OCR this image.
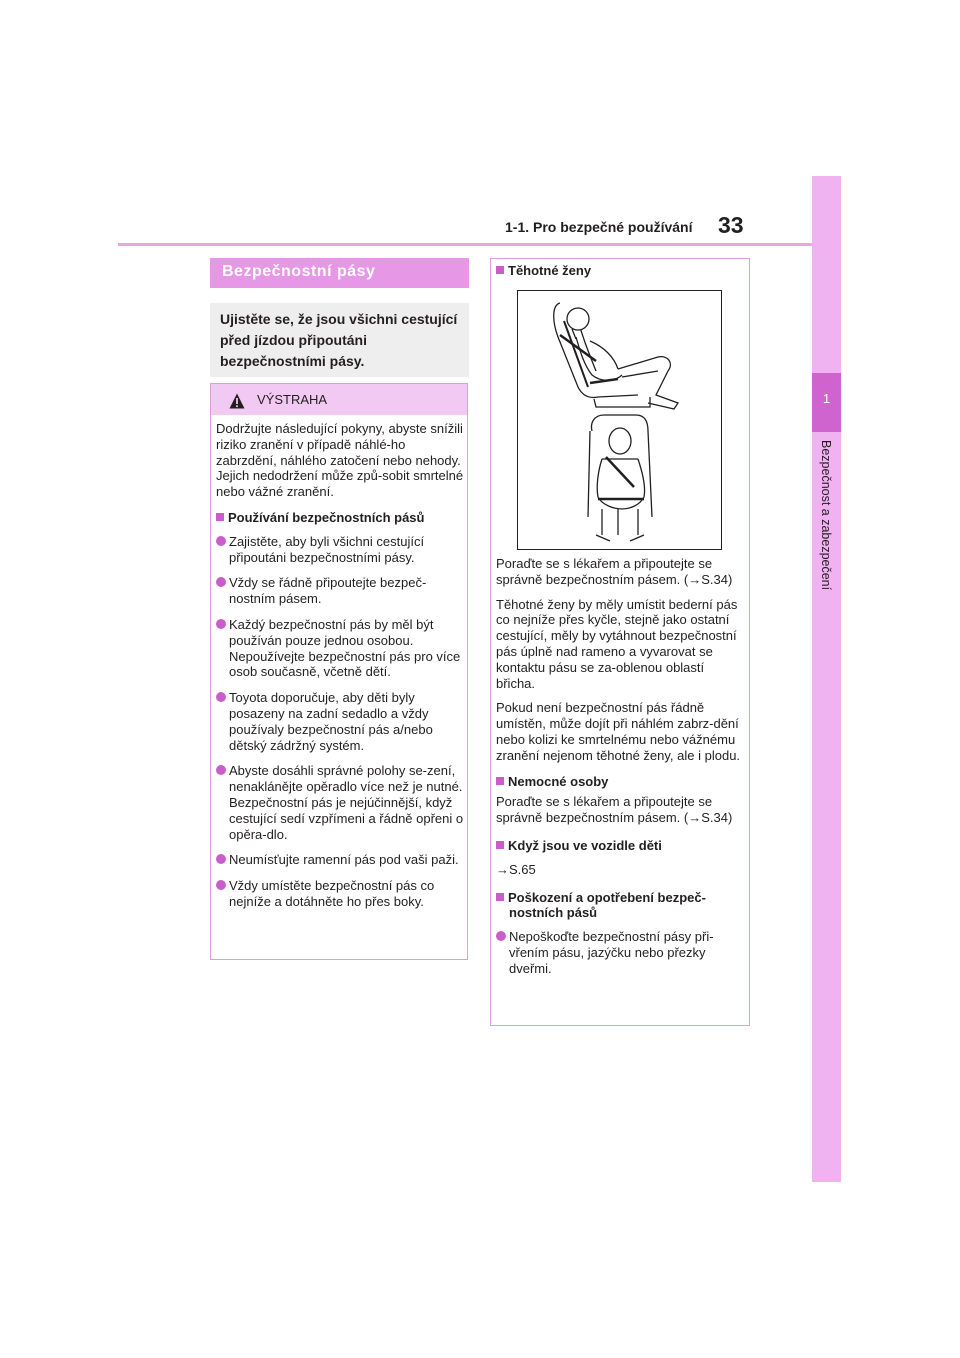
1-1. Pro bezpečné používání 33
1
Bezpečnost a zabezpečení
Bezpečnostní pásy

Ujistěte se, že jsou všichni cestující před jízdou připoutáni bezpečnostními pásy.

VÝSTRAHA

Dodržujte následující pokyny, abyste snížili riziko zranění v případě náhlé-ho zabrzdění, náhlého zatočení nebo nehody. Jejich nedodržení může způ-sobit smrtelné nebo vážné zranění.

Používání bezpečnostních pásů

Zajistěte, aby byli všichni cestující připoutáni bezpečnostními pásy.
Vždy se řádně připoutejte bezpeč-nostním pásem.
Každý bezpečnostní pás by měl být používán pouze jednou osobou. Nepoužívejte bezpečnostní pás pro více osob současně, včetně dětí.
Toyota doporučuje, aby děti byly posazeny na zadní sedadlo a vždy používaly bezpečnostní pás a/nebo dětský zádržný systém.
Abyste dosáhli správné polohy se-zení, nenaklánějte opěradlo více než je nutné. Bezpečnostní pás je nejúčinnější, když cestující sedí vzpřímeni a řádně opřeni o opěra-dlo.
Neumísťujte ramenní pás pod vaši paži.
Vždy umístěte bezpečnostní pás co nejníže a dotáhněte ho přes boky.
Těhotné ženy

Poraďte se s lékařem a připoutejte se správně bezpečnostním pásem. (→S.34)

Těhotné ženy by měly umístit bederní pás co nejníže přes kyčle, stejně jako ostatní cestující, měly by vytáhnout bezpečnostní pás úplně nad rameno a vyvarovat se kontaktu pásu se za-oblenou oblastí břicha.

Pokud není bezpečnostní pás řádně umístěn, může dojít při náhlém zabrz-dění nebo kolizi ke smrtelnému nebo vážnému zranění nejenom těhotné ženy, ale i plodu.

Nemocné osoby

Poraďte se s lékařem a připoutejte se správně bezpečnostním pásem. (→S.34)

Když jsou ve vozidle děti

→S.65

Poškození a opotřebení bezpeč-nostních pásů

Nepoškoďte bezpečnostní pásy při-vřením pásu, jazýčku nebo přezky dveřmi.
